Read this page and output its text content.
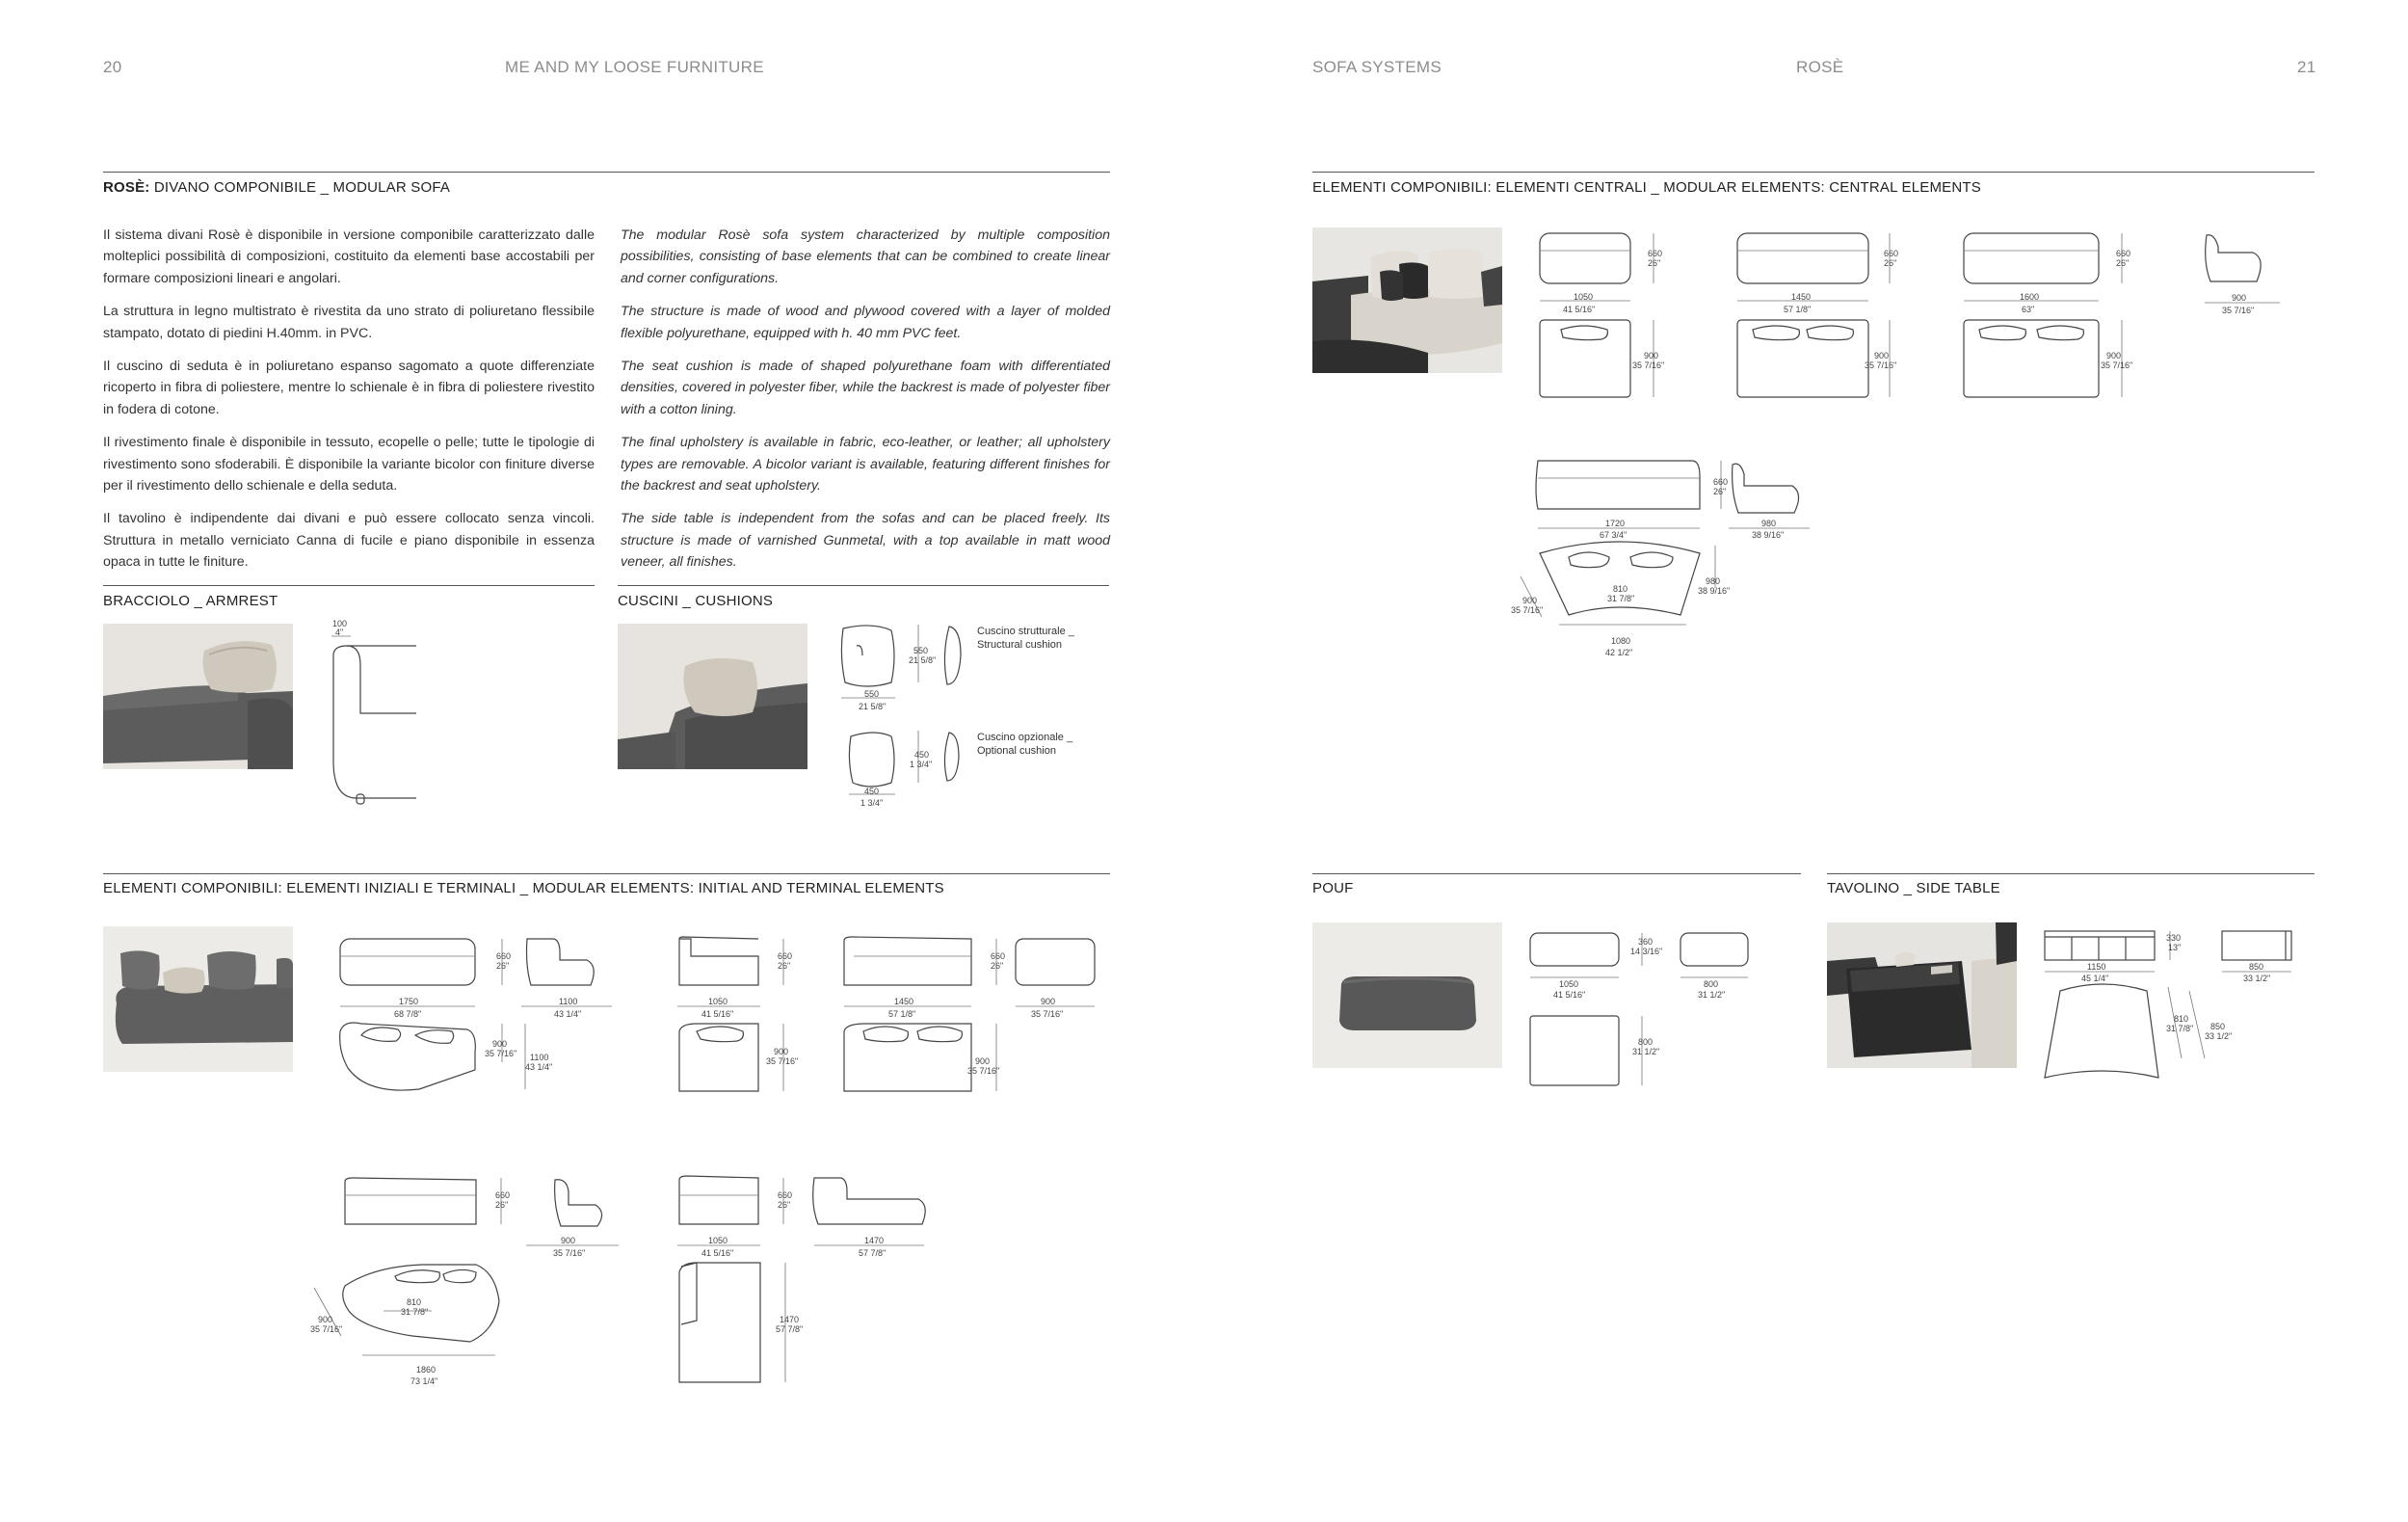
20	ME AND MY LOOSE FURNITURE	SOFA SYSTEMS	ROSÈ	21
ROSÈ: DIVANO COMPONIBILE _ MODULAR SOFA

Il sistema divani Rosè è disponibile in versione componibile caratterizzato dalle molteplici possibilità di composizioni, costituito da elementi base accostabili per formare composizioni lineari e angolari.

La struttura in legno multistrato è rivestita da uno strato di poliuretano flessibile stampato, dotato di piedini H.40mm. in PVC.

Il cuscino di seduta è in poliuretano espanso sagomato a quote differenziate ricoperto in fibra di poliestere, mentre lo schienale è in fibra di poliestere rivestito in fodera di cotone.

Il rivestimento finale è disponibile in tessuto, ecopelle o pelle; tutte le tipologie di rivestimento sono sfoderabili. È disponibile la variante bicolor con finiture diverse per il rivestimento dello schienale e della seduta.

Il tavolino è indipendente dai divani e può essere collocato senza vincoli. Struttura in metallo verniciato Canna di fucile e piano disponibile in essenza opaca in tutte le finiture.

The modular Rosè sofa system characterized by multiple composition possibilities, consisting of base elements that can be combined to create linear and corner configurations.

The structure is made of wood and plywood covered with a layer of molded flexible polyurethane, equipped with h. 40 mm PVC feet.

The seat cushion is made of shaped polyurethane foam with differentiated densities, covered in polyester fiber, while the backrest is made of polyester fiber with a cotton lining.

The final upholstery is available in fabric, eco-leather, or leather; all upholstery types are removable. A bicolor variant is available, featuring different finishes for the backrest and seat upholstery.

The side table is independent from the sofas and can be placed freely. Its structure is made of varnished Gunmetal, with a top available in matt wood veneer, all finishes.

BRACCIOLO _ ARMREST
100
4"
CUSCINI _ CUSHIONS
550
21 5/8"
550
21 5/8"
Cuscino strutturale _
Structural cushion
450
1 3/4"
450
1 3/4"
Cuscino opzionale _
Optional cushion
ELEMENTI COMPONIBILI: ELEMENTI INIZIALI E TERMINALI _ MODULAR ELEMENTS: INITIAL AND TERMINAL ELEMENTS
660
26"
1750
68 7/8"
1100
43 1/4"
900
35 7/16" 1100
43 1/4"
660
26"
1050
41 5/16"
900
35 7/16"
660
26"
1450
57 1/8"
900
35 7/16"
900
35 7/16"
660
26"
900
35 7/16"
900
35 7/16"
810
31 7/8"
1860
73 1/4"
660
26"
1050
41 5/16"
1470
57 7/8"
1470
57 7/8"
ELEMENTI COMPONIBILI: ELEMENTI CENTRALI _ MODULAR ELEMENTS: CENTRAL ELEMENTS
660
26"
1050
41 5/16"
900
35 7/16"
660
26"
1450
57 1/8"
900
35 7/16"
660
26"
1600
63"
900
35 7/16"
900
35 7/16"
660
26"
1720
67 3/4"
980
38 9/16"
980
38 9/16"
810
31 7/8"
900
35 7/16"
1080
42 1/2"
POUF
360
14 3/16"
1050
41 5/16"
800
31 1/2"
800
31 1/2"
TAVOLINO _ SIDE TABLE
330
13"
1150
45 1/4"
850
33 1/2"
810
31 7/8" 850
33 1/2"
